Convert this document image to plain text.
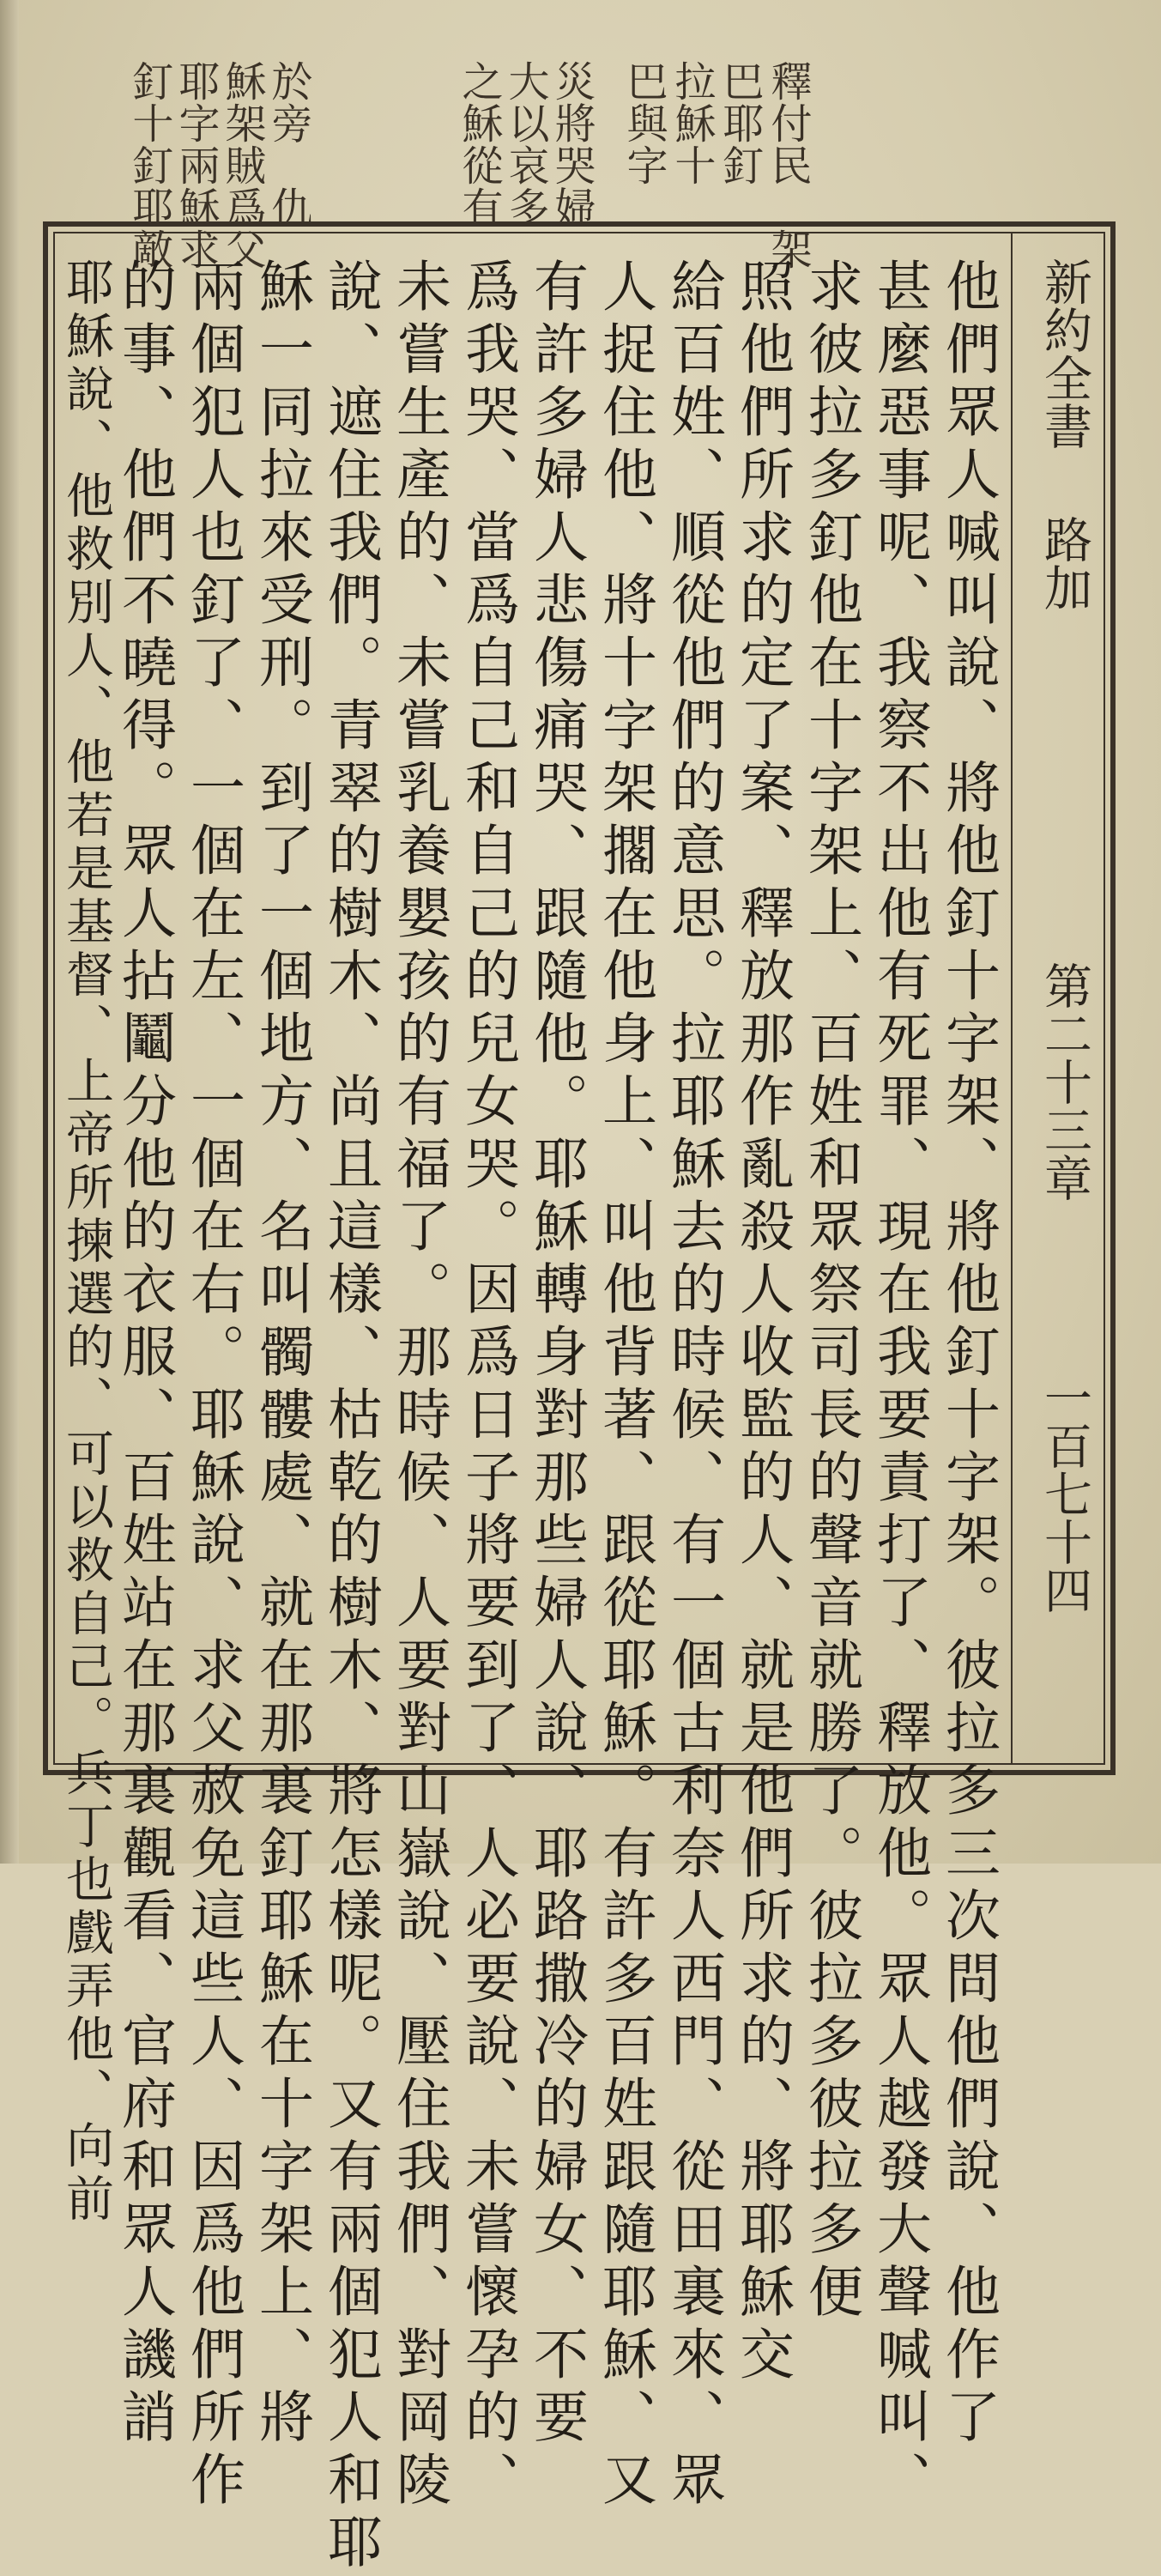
釋付民　架
巴耶釘
拉穌十
巴與字
之穌從有
大以哀多
災將哭婦
釘十釘耶敵
耶字兩穌求
穌架賊爲父
於旁　仇
新約全書
路加
第二十三章
一百七十四
他們眾人喊叫說、將他釘十字架、將他釘十字架。彼拉多三次問他們說、他作了
甚麼惡事呢、我察不出他有死罪、現在我要責打了、釋放他。眾人越發大聲喊叫、
求彼拉多釘他在十字架上、百姓和眾祭司長的聲音就勝了。彼拉多彼拉多便
照他們所求的定了案、釋放那作亂殺人收監的人、就是他們所求的、將耶穌交
給百姓、順從他們的意思。拉耶穌去的時候、有一個古利奈人西門、從田裏來、眾
人捉住他、將十字架擱在他身上、叫他背著、跟從耶穌。有許多百姓跟隨耶穌、又
有許多婦人悲傷痛哭、跟隨他。耶穌轉身對那些婦人說、耶路撒冷的婦女、不要
爲我哭、當爲自己和自己的兒女哭。因爲日子將要到了、人必要說、未嘗懷孕的、
未嘗生產的、未嘗乳養嬰孩的有福了。那時候、人要對山嶽說、壓住我們、對岡陵
說、遮住我們。青翠的樹木、尚且這樣、枯乾的樹木、將怎樣呢。又有兩個犯人和耶
穌一同拉來受刑。到了一個地方、名叫髑髏處、就在那裏釘耶穌在十字架上、將
兩個犯人也釘了、一個在左、一個在右。耶穌說、求父赦免這些人、因爲他們所作
的事、他們不曉得。眾人拈鬮分他的衣服、百姓站在那裏觀看、官府和眾人譏誚
耶穌說、他救別人、他若是基督、上帝所揀選的、可以救自己。兵丁也戲弄他、向前
